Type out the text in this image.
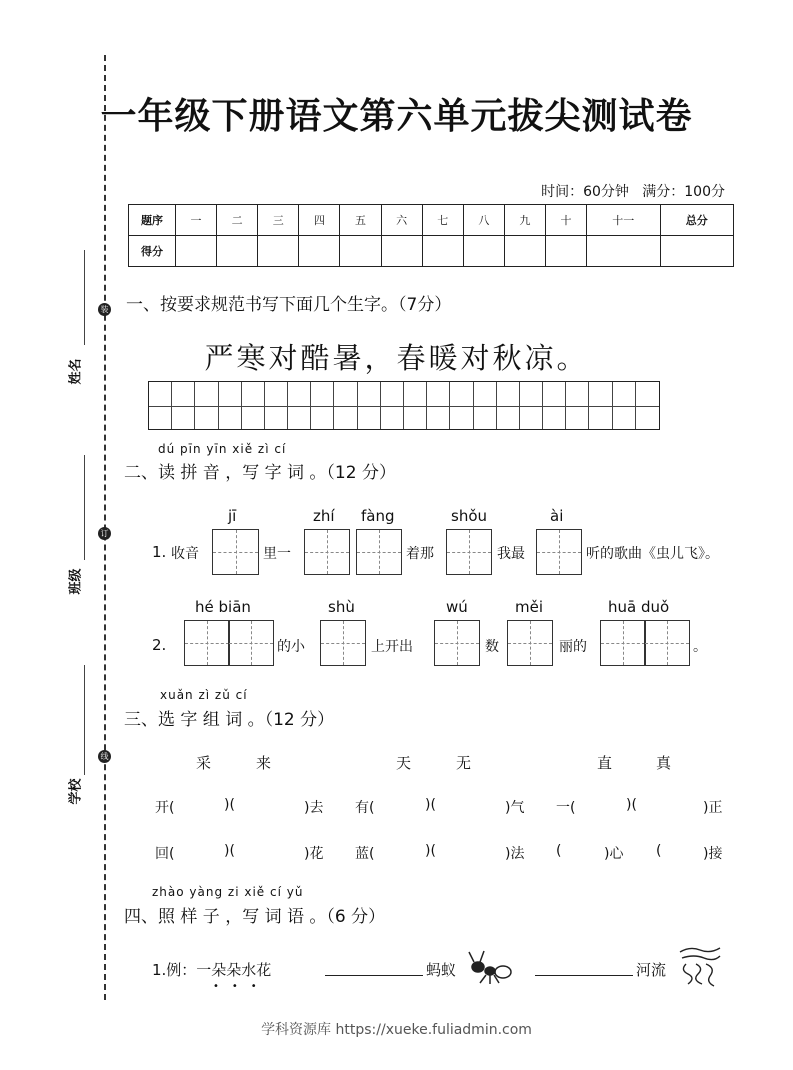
装
订
线
姓名
班级
学校
一年级下册语文第六单元拔尖测试卷
时间：60分钟 满分：100分
题序	一	二	三	四	五	六	七	八	九	十	十一	总分
得分												
一、按要求规范书写下面几个生字。（7分）
严寒对酷暑，春暖对秋凉。
dú pīn yīn xiě zì cí
二、读 拼 音 ，写 字 词 。（12 分）
1. 收音
jī
里一
zhí fàng
着那
shǒu
我最
ài
听的歌曲《虫儿飞》。
2.
hé biān
的小
shù
上开出
wú
数
měi
丽的
huā duǒ
。
xuǎn zì zǔ cí
三、选 字 组 词 。（12 分）
采	来	天	无	直	真
开(	)(	)去 有(	)(	)气 一(	)(	)正
回(	)(	)花 蓝(	)(	)法 (	)心 (	)接
zhào yàng zi xiě cí yǔ
四、照 样 子 ，写 词 语 。（6 分）
1.例：一朵朵水花
•••
蚂蚁	河流
学科资源库 https://xueke.fuliadmin.com
